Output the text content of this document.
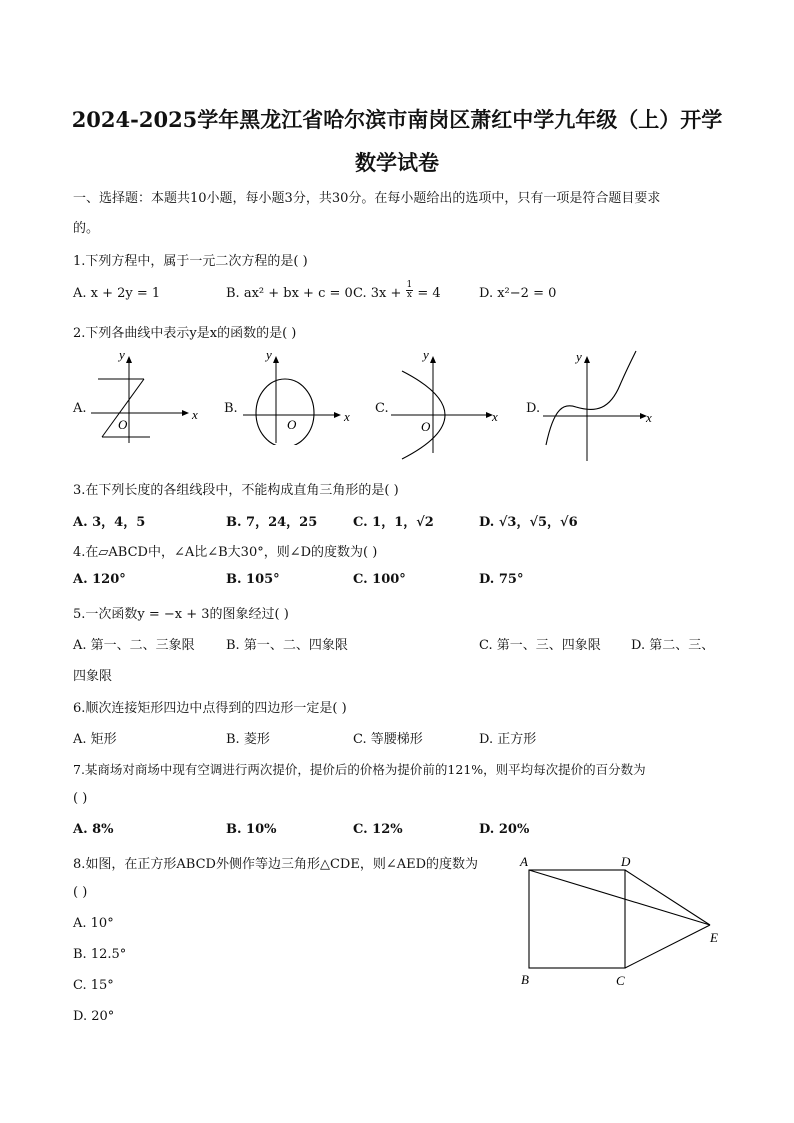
2024-2025学年黑龙江省哈尔滨市南岗区萧红中学九年级（上）开学
数学试卷
一、选择题：本题共10小题，每小题3分，共30分。在每小题给出的选项中，只有一项是符合题目要求
的。
1.下列方程中，属于一元二次方程的是( )
A. x + 2y = 1	B. ax² + bx + c = 0 C. $3x + \frac{1}{x} = 4$	D. x²−2 = 0
2.下列各曲线中表示y是x的函数的是( )
A.	B.	C.	D.
y
x
O
y
x
O
y
x
O
y
x
3.在下列长度的各组线段中，不能构成直角三角形的是( )
A. 3，4，5	B. 7，24，25	C. 1，1，√2	D. √3，√5，√6
4.在▱ABCD中，∠A比∠B大30°，则∠D的度数为( )
A. 120°	B. 105°	C. 100°	D. 75°
5.一次函数y = −x + 3的图象经过( )
A. 第一、二、三象限 B. 第一、二、四象限	C. 第一、三、四象限 D. 第二、三、
四象限
6.顺次连接矩形四边中点得到的四边形一定是( )
A. 矩形	B. 菱形	C. 等腰梯形	D. 正方形
7.某商场对商场中现有空调进行两次提价，提价后的价格为提价前的121%，则平均每次提价的百分数为
( )
A. 8%	B. 10%	C. 12%	D. 20%
8.如图，在正方形ABCD外侧作等边三角形△CDE，则∠AED的度数为
( )
A. 10°
B. 12.5°
C. 15°
D. 20°
A	D
E
B	C
